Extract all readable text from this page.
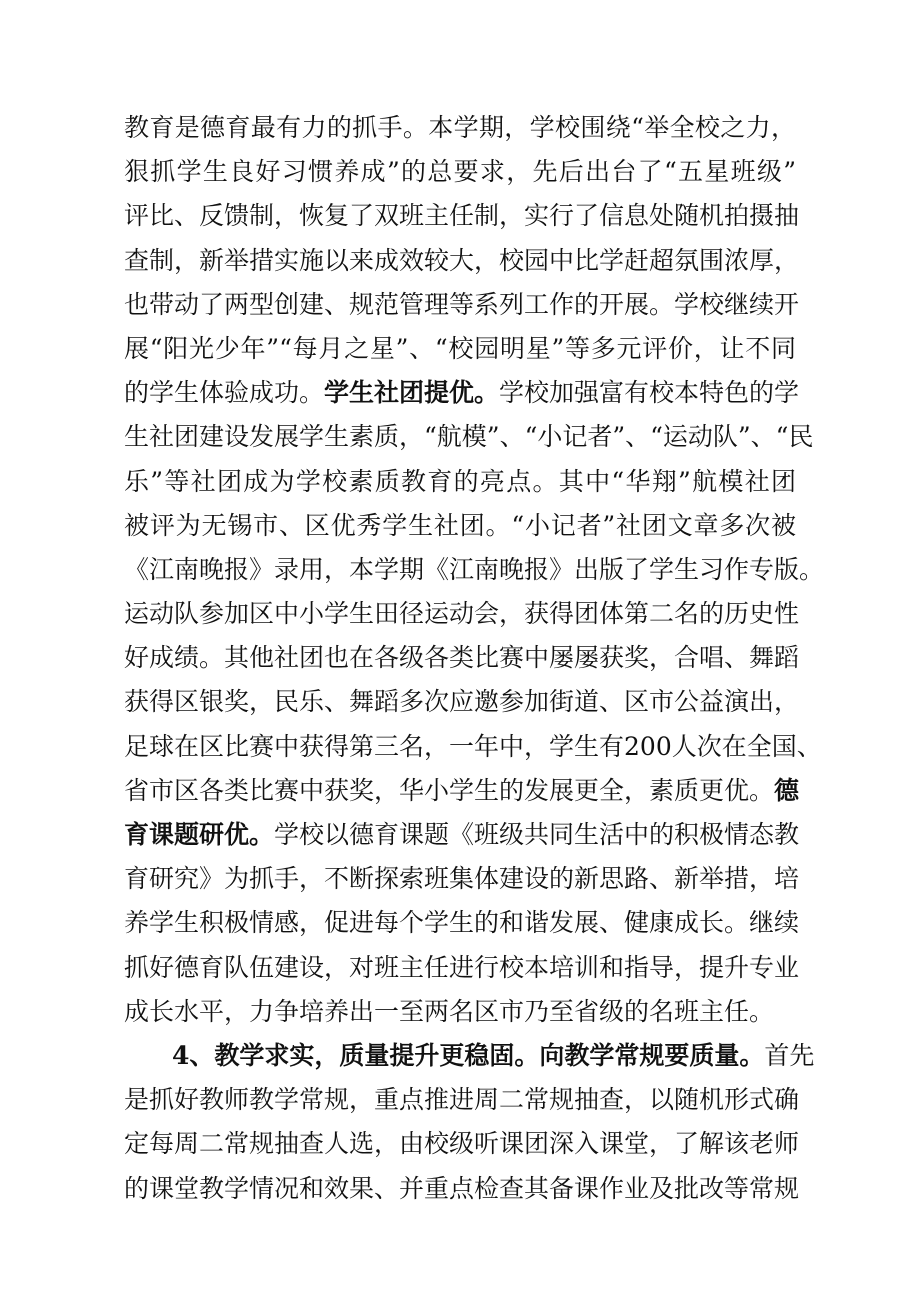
教育是德育最有力的抓手。本学期，学校围绕“举全校之力，
狠抓学生良好习惯养成”的总要求，先后出台了“五星班级”
评比、反馈制，恢复了双班主任制，实行了信息处随机拍摄抽
查制，新举措实施以来成效较大，校园中比学赶超氛围浓厚，
也带动了两型创建、规范管理等系列工作的开展。学校继续开
展“阳光少年”“每月之星”、“校园明星”等多元评价，让不同
的学生体验成功。学生社团提优。学校加强富有校本特色的学
生社团建设发展学生素质，“航模”、“小记者”、“运动队”、“民
乐”等社团成为学校素质教育的亮点。其中“华翔”航模社团
被评为无锡市、区优秀学生社团。“小记者”社团文章多次被
《江南晚报》录用，本学期《江南晚报》出版了学生习作专版。
运动队参加区中小学生田径运动会，获得团体第二名的历史性
好成绩。其他社团也在各级各类比赛中屡屡获奖，合唱、舞蹈
获得区银奖，民乐、舞蹈多次应邀参加街道、区市公益演出，
足球在区比赛中获得第三名，一年中，学生有200人次在全国、
省市区各类比赛中获奖，华小学生的发展更全，素质更优。德
育课题研优。学校以德育课题《班级共同生活中的积极情态教
育研究》为抓手，不断探索班集体建设的新思路、新举措，培
养学生积极情感，促进每个学生的和谐发展、健康成长。继续
抓好德育队伍建设，对班主任进行校本培训和指导，提升专业
成长水平，力争培养出一至两名区市乃至省级的名班主任。
4、教学求实，质量提升更稳固。向教学常规要质量。首先
是抓好教师教学常规，重点推进周二常规抽查，以随机形式确
定每周二常规抽查人选，由校级听课团深入课堂，了解该老师
的课堂教学情况和效果、并重点检查其备课作业及批改等常规
